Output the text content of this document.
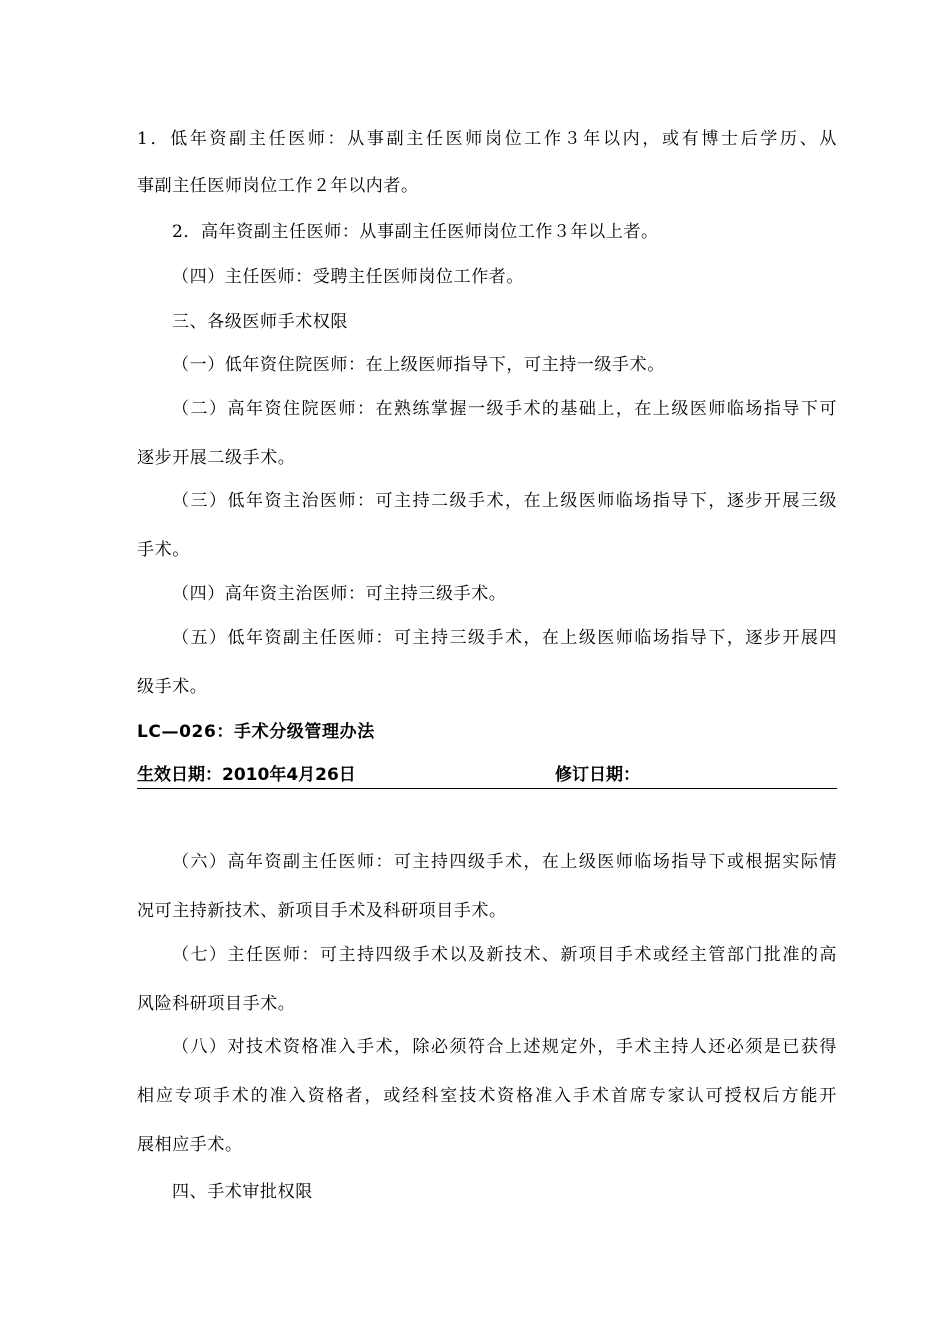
1．低年资副主任医师：从事副主任医师岗位工作３年以内，或有博士后学历、从
事副主任医师岗位工作２年以内者。
2．高年资副主任医师：从事副主任医师岗位工作３年以上者。
（四）主任医师：受聘主任医师岗位工作者。
三、各级医师手术权限
（一）低年资住院医师：在上级医师指导下，可主持一级手术。
（二）高年资住院医师：在熟练掌握一级手术的基础上，在上级医师临场指导下可
逐步开展二级手术。
（三）低年资主治医师：可主持二级手术，在上级医师临场指导下，逐步开展三级
手术。
（四）高年资主治医师：可主持三级手术。
（五）低年资副主任医师：可主持三级手术，在上级医师临场指导下，逐步开展四
级手术。
LC—026：手术分级管理办法
生效日期：2010年4月26日	修订日期：
（六）高年资副主任医师：可主持四级手术，在上级医师临场指导下或根据实际情
况可主持新技术、新项目手术及科研项目手术。
（七）主任医师：可主持四级手术以及新技术、新项目手术或经主管部门批准的高
风险科研项目手术。
（八）对技术资格准入手术，除必须符合上述规定外，手术主持人还必须是已获得
相应专项手术的准入资格者，或经科室技术资格准入手术首席专家认可授权后方能开
展相应手术。
四、手术审批权限
